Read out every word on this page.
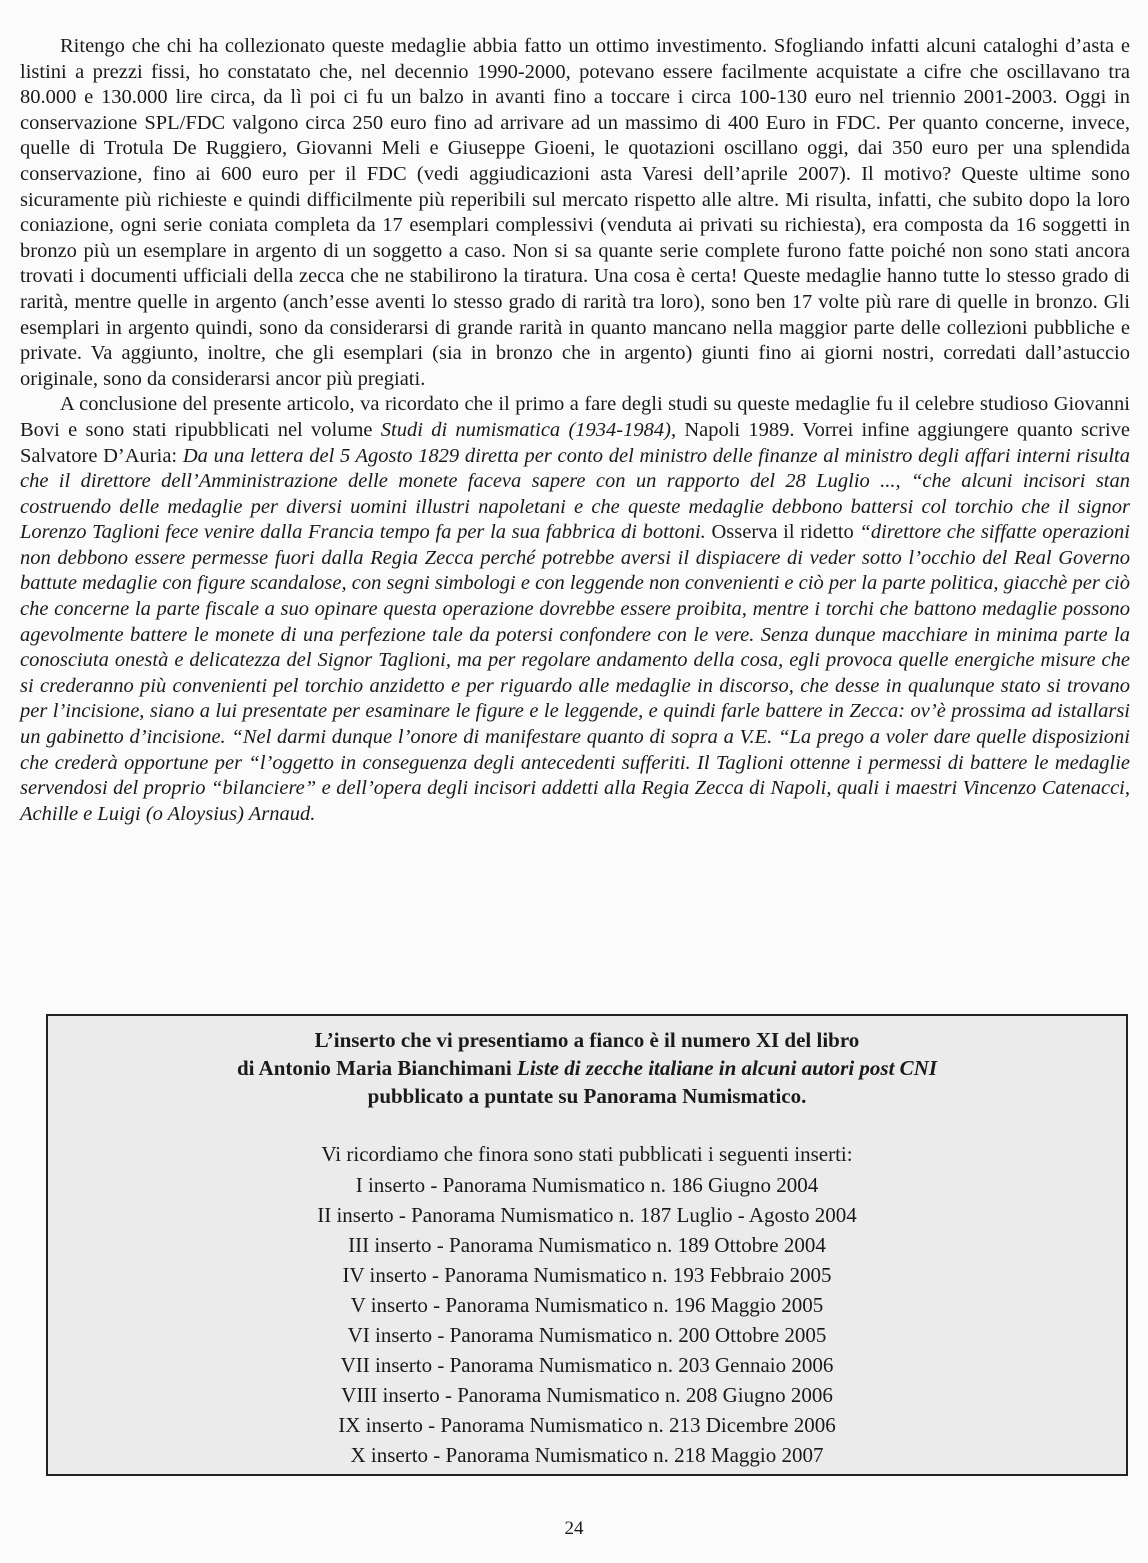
Ritengo che chi ha collezionato queste medaglie abbia fatto un ottimo investimento. Sfogliando infatti alcuni cataloghi d’asta e listini a prezzi fissi, ho constatato che, nel decennio 1990-2000, potevano essere facilmente acquistate a cifre che oscillavano tra 80.000 e 130.000 lire circa, da lì poi ci fu un balzo in avanti fino a toccare i circa 100-130 euro nel triennio 2001-2003. Oggi in conservazione SPL/FDC valgono circa 250 euro fino ad arrivare ad un massimo di 400 Euro in FDC. Per quanto concerne, invece, quelle di Trotula De Ruggiero, Giovanni Meli e Giuseppe Gioeni, le quotazioni oscillano oggi, dai 350 euro per una splendida conservazione, fino ai 600 euro per il FDC (vedi aggiudicazioni asta Varesi dell’aprile 2007). Il motivo? Queste ultime sono sicuramente più richieste e quindi difficilmente più reperibili sul mercato rispetto alle altre. Mi risulta, infatti, che subito dopo la loro coniazione, ogni serie coniata completa da 17 esemplari complessivi (venduta ai privati su richiesta), era composta da 16 soggetti in bronzo più un esemplare in argento di un soggetto a caso. Non si sa quante serie complete furono fatte poiché non sono stati ancora trovati i documenti ufficiali della zecca che ne stabilirono la tiratura. Una cosa è certa! Queste medaglie hanno tutte lo stesso grado di rarità, mentre quelle in argento (anch’esse aventi lo stesso grado di rarità tra loro), sono ben 17 volte più rare di quelle in bronzo. Gli esemplari in argento quindi, sono da considerarsi di grande rarità in quanto mancano nella maggior parte delle collezioni pubbliche e private. Va aggiunto, inoltre, che gli esemplari (sia in bronzo che in argento) giunti fino ai giorni nostri, corredati dall’astuccio originale, sono da considerarsi ancor più pregiati.

A conclusione del presente articolo, va ricordato che il primo a fare degli studi su queste medaglie fu il celebre studioso Giovanni Bovi e sono stati ripubblicati nel volume Studi di numismatica (1934-1984), Napoli 1989. Vorrei infine aggiungere quanto scrive Salvatore D’Auria: Da una lettera del 5 Agosto 1829 diretta per conto del ministro delle finanze al ministro degli affari interni risulta che il direttore dell’Amministrazione delle monete faceva sapere con un rapporto del 28 Luglio ..., “che alcuni incisori stan costruendo delle medaglie per diversi uomini illustri napoletani e che queste medaglie debbono battersi col torchio che il signor Lorenzo Taglioni fece venire dalla Francia tempo fa per la sua fabbrica di bottoni. Osserva il ridetto “direttore che siffatte operazioni non debbono essere permesse fuori dalla Regia Zecca perché potrebbe aversi il dispiacere di veder sotto l’occhio del Real Governo battute medaglie con figure scandalose, con segni simbologi e con leggende non convenienti e ciò per la parte politica, giacchè per ciò che concerne la parte fiscale a suo opinare questa operazione dovrebbe essere proibita, mentre i torchi che battono medaglie possono agevolmente battere le monete di una perfezione tale da potersi confondere con le vere. Senza dunque macchiare in minima parte la conosciuta onestà e delicatezza del Signor Taglioni, ma per regolare andamento della cosa, egli provoca quelle energiche misure che si crederanno più convenienti pel torchio anzidetto e per riguardo alle medaglie in discorso, che desse in qualunque stato si trovano per l’incisione, siano a lui presentate per esaminare le figure e le leggende, e quindi farle battere in Zecca: ov’è prossima ad istallarsi un gabinetto d’incisione. “Nel darmi dunque l’onore di manifestare quanto di sopra a V.E. “La prego a voler dare quelle disposizioni che crederà opportune per “l’oggetto in conseguenza degli antecedenti sufferiti. Il Taglioni ottenne i permessi di battere le medaglie servendosi del proprio “bilanciere” e dell’opera degli incisori addetti alla Regia Zecca di Napoli, quali i maestri Vincenzo Catenacci, Achille e Luigi (o Aloysius) Arnaud.

L’inserto che vi presentiamo a fianco è il numero XI del libro
di Antonio Maria Bianchimani Liste di zecche italiane in alcuni autori post CNI
pubblicato a puntate su Panorama Numismatico.
Vi ricordiamo che finora sono stati pubblicati i seguenti inserti:
I inserto - Panorama Numismatico n. 186 Giugno 2004
II inserto - Panorama Numismatico n. 187 Luglio - Agosto 2004
III inserto - Panorama Numismatico n. 189 Ottobre 2004
IV inserto - Panorama Numismatico n. 193 Febbraio 2005
V inserto - Panorama Numismatico n. 196 Maggio 2005
VI inserto - Panorama Numismatico n. 200 Ottobre 2005
VII inserto - Panorama Numismatico n. 203 Gennaio 2006
VIII inserto - Panorama Numismatico n. 208 Giugno 2006
IX inserto - Panorama Numismatico n. 213 Dicembre 2006
X inserto - Panorama Numismatico n. 218 Maggio 2007
24
